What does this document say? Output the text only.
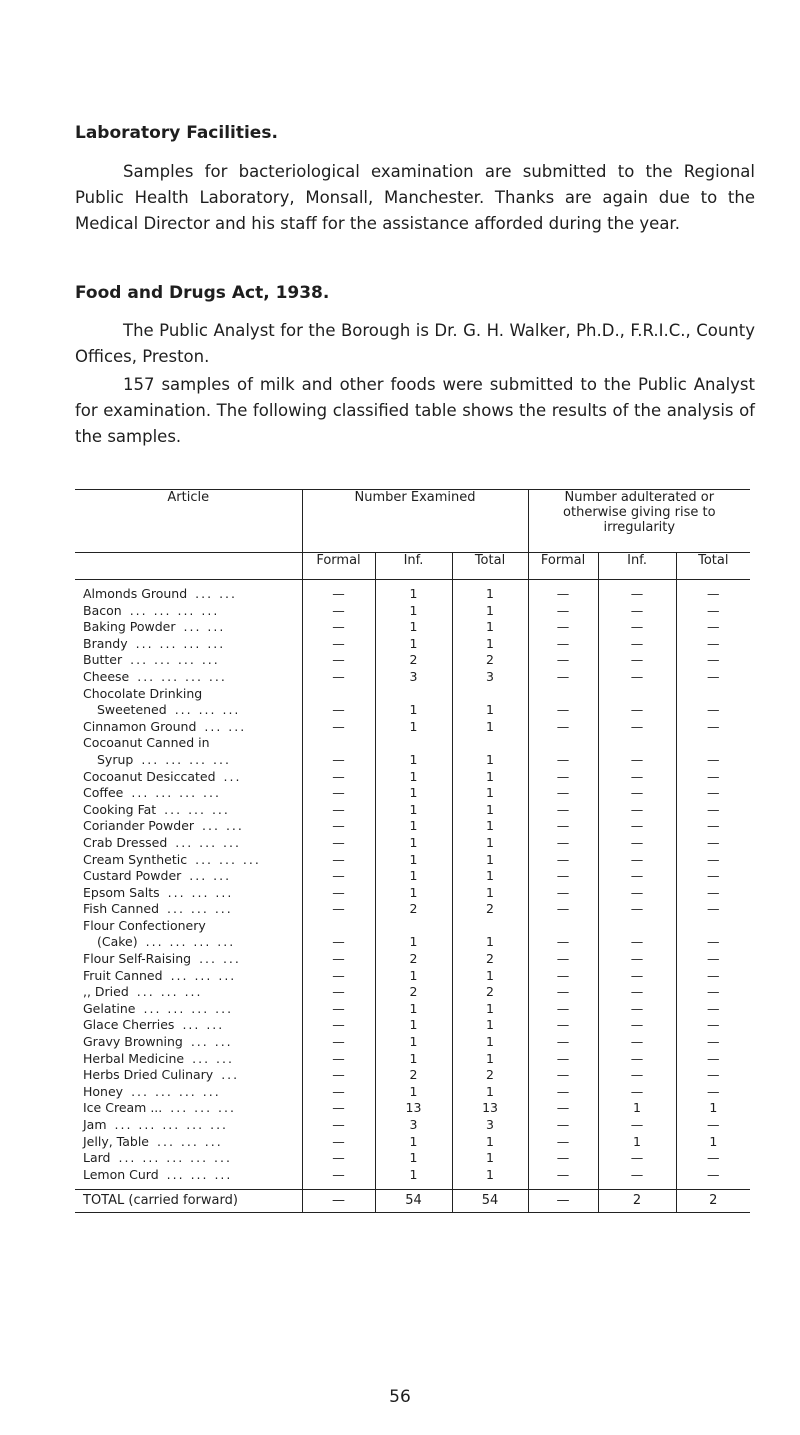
Laboratory Facilities.

Samples for bacteriological examination are submitted to the Regional Public Health Laboratory, Monsall, Manchester. Thanks are again due to the Medical Director and his staff for the assistance afforded during the year.

Food and Drugs Act, 1938.

The Public Analyst for the Borough is Dr. G. H. Walker, Ph.D., F.R.I.C., County Offices, Preston.

157 samples of milk and other foods were submitted to the Public Analyst for examination. The following classified table shows the results of the analysis of the samples.

Article	Number Examined			Number adulterated or otherwise giving rise to irregularity		
	Formal	Inf.	Total	Formal	Inf.	Total

Almonds Ground ... ...	—	1	1	—	—	—
Bacon ... ... ... ...	—	1	1	—	—	—
Baking Powder ... ...	—	1	1	—	—	—
Brandy ... ... ... ...	—	1	1	—	—	—
Butter ... ... ... ...	—	2	2	—	—	—
Cheese ... ... ... ...	—	3	3	—	—	—

Chocolate Drinking
Sweetened ... ... ...	—	1	1	—	—	—
Cinnamon Ground ... ...	—	1	1	—	—	—

Cocoanut Canned in
Syrup ... ... ... ...	—	1	1	—	—	—
Cocoanut Desiccated ...	—	1	1	—	—	—
Coffee ... ... ... ...	—	1	1	—	—	—
Cooking Fat ... ... ...	—	1	1	—	—	—
Coriander Powder ... ...	—	1	1	—	—	—
Crab Dressed ... ... ...	—	1	1	—	—	—
Cream Synthetic ... ... ...	—	1	1	—	—	—
Custard Powder ... ...	—	1	1	—	—	—
Epsom Salts ... ... ...	—	1	1	—	—	—
Fish Canned ... ... ...	—	2	2	—	—	—

Flour Confectionery
(Cake) ... ... ... ...	—	1	1	—	—	—
Flour Self-Raising ... ...	—	2	2	—	—	—
Fruit Canned ... ... ...	—	1	1	—	—	—
,, Dried ... ... ...	—	2	2	—	—	—
Gelatine ... ... ... ...	—	1	1	—	—	—
Glace Cherries ... ...	—	1	1	—	—	—
Gravy Browning ... ...	—	1	1	—	—	—
Herbal Medicine ... ...	—	1	1	—	—	—
Herbs Dried Culinary ...	—	2	2	—	—	—
Honey ... ... ... ...	—	1	1	—	—	—
Ice Cream ... ... ... ...	—	13	13	—	1	1
Jam ... ... ... ... ...	—	3	3	—	—	—
Jelly, Table ... ... ...	—	1	1	—	1	1
Lard ... ... ... ... ...	—	1	1	—	—	—
Lemon Curd ... ... ...	—	1	1	—	—	—

TOTAL (carried forward)	—	54	54	—	2	2

56
